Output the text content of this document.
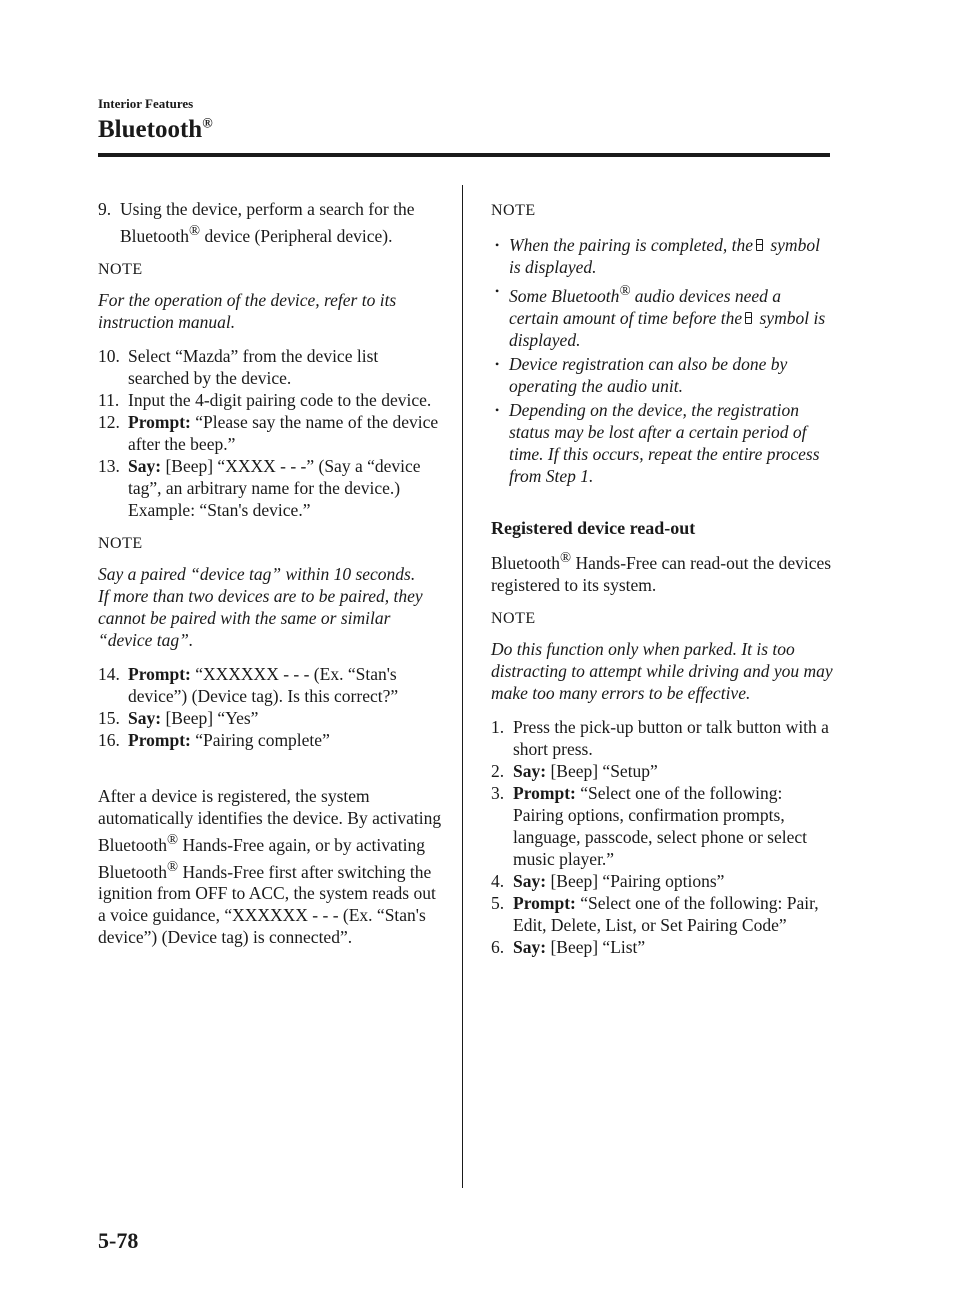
Interior Features
Bluetooth®

9. Using the device, perform a search for the Bluetooth® device (Peripheral device).

NOTE

For the operation of the device, refer to its instruction manual.

10. Select “Mazda” from the device list searched by the device.

11. Input the 4-digit pairing code to the device.

12. Prompt: “Please say the name of the device after the beep.”

13. Say: [Beep] “XXXX - - -” (Say a “device tag”, an arbitrary name for the device.) Example: “Stan's device.”

NOTE

Say a paired “device tag” within 10 seconds.
If more than two devices are to be paired, they cannot be paired with the same or similar “device tag”.

14. Prompt: “XXXXXX - - - (Ex. “Stan's device”) (Device tag). Is this correct?”

15. Say: [Beep] “Yes”

16. Prompt: “Pairing complete”

After a device is registered, the system automatically identifies the device. By activating Bluetooth® Hands-Free again, or by activating Bluetooth® Hands-Free first after switching the ignition from OFF to ACC, the system reads out a voice guidance, “XXXXXX - - - (Ex. “Stan's device”) (Device tag) is connected”.

NOTE
• When the pairing is completed, the symbol is displayed.
• Some Bluetooth® audio devices need a certain amount of time before the symbol is displayed.
• Device registration can also be done by operating the audio unit.
• Depending on the device, the registration status may be lost after a certain period of time. If this occurs, repeat the entire process from Step 1.
Registered device read-out

Bluetooth® Hands-Free can read-out the devices registered to its system.

NOTE

Do this function only when parked. It is too distracting to attempt while driving and you may make too many errors to be effective.

1. Press the pick-up button or talk button with a short press.

2. Say: [Beep] “Setup”

3. Prompt: “Select one of the following: Pairing options, confirmation prompts, language, passcode, select phone or select music player.”

4. Say: [Beep] “Pairing options”

5. Prompt: “Select one of the following: Pair, Edit, Delete, List, or Set Pairing Code”

6. Say: [Beep] “List”

5-78
